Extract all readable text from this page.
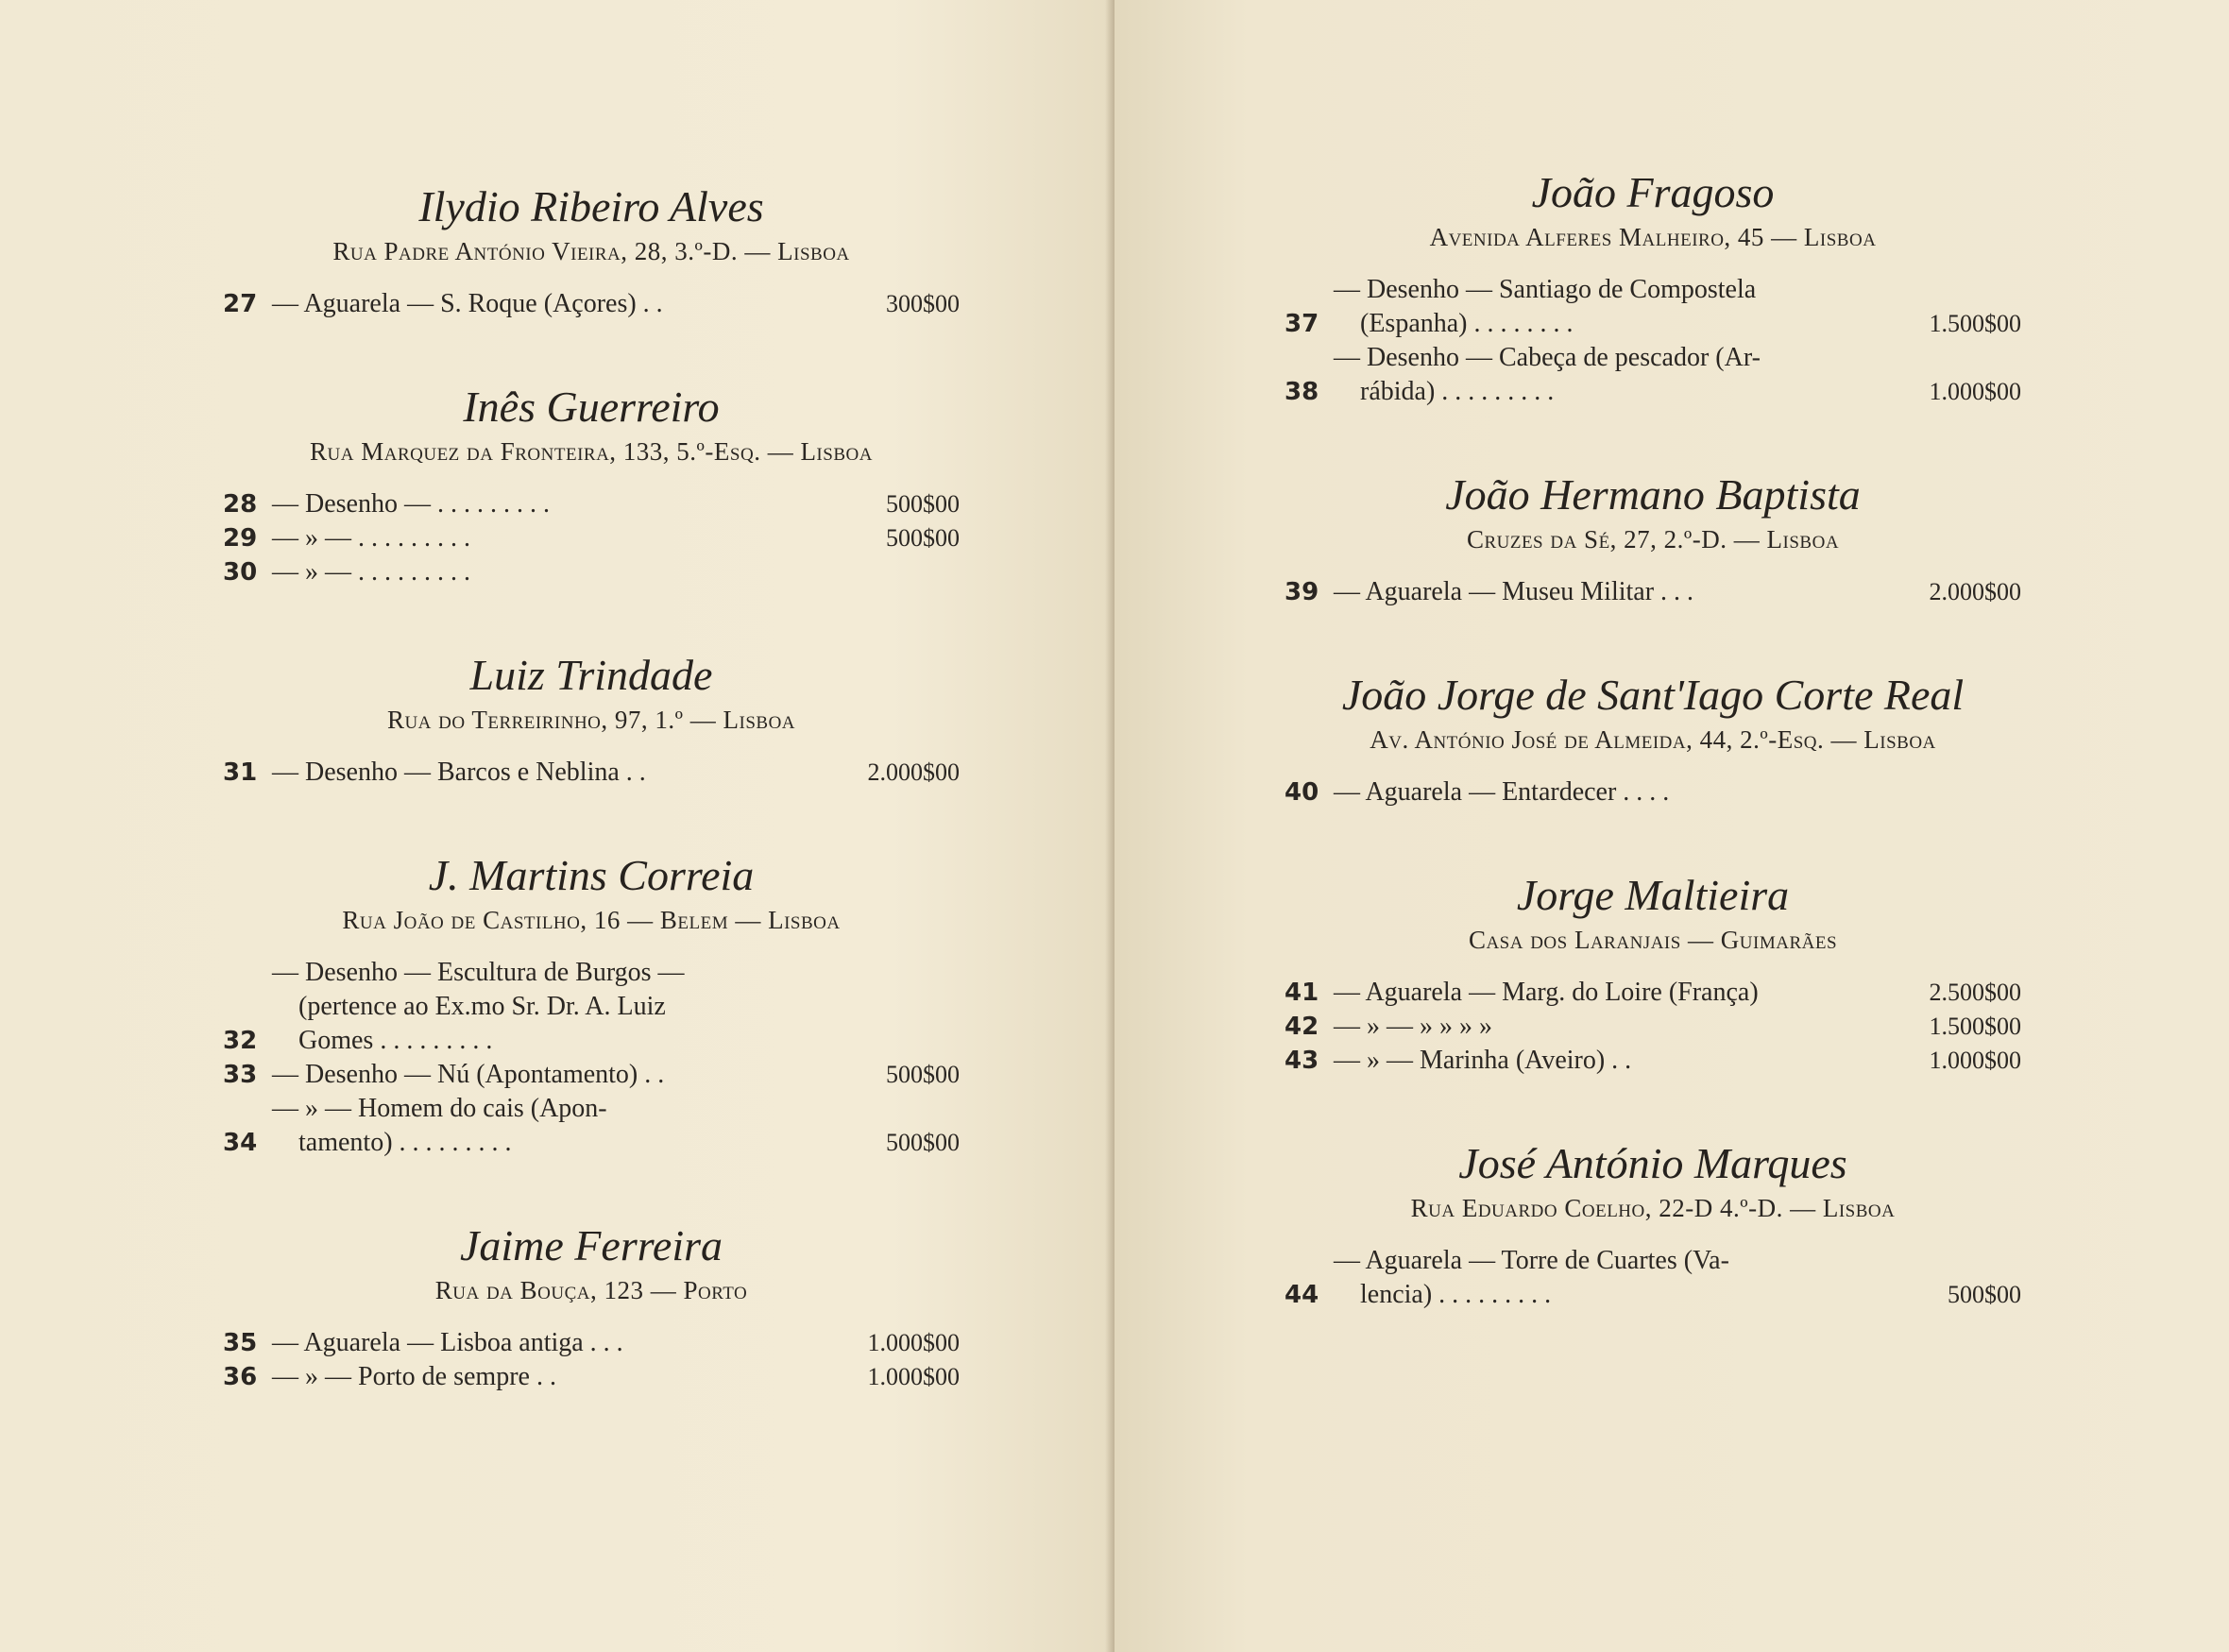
Ilydio Ribeiro Alves
Rua Padre António Vieira, 28, 3.º-D. — Lisboa
27 — Aguarela — S. Roque (Açores) . .	300$00
Inês Guerreiro
Rua Marquez da Fronteira, 133, 5.º-Esq. — Lisboa
28 — Desenho — . . . . . . . . .	500$00
29 — » — . . . . . . . . .	500$00
30 — » — . . . . . . . . .
Luiz Trindade
Rua do Terreirinho, 97, 1.º — Lisboa
31 — Desenho — Barcos e Neblina . .	2.000$00
J. Martins Correia
Rua João de Castilho, 16 — Belem — Lisboa
32
— Desenho — Escultura de Burgos —
(pertence ao Ex.mo Sr. Dr. A. Luiz
Gomes . . . . . . . . .
33 — Desenho — Nú (Apontamento) . .	500$00
34
— » — Homem do cais (Apon-
tamento) . . . . . . . . .	500$00
Jaime Ferreira
Rua da Bouça, 123 — Porto
35 — Aguarela — Lisboa antiga . . .	1.000$00
36 — » — Porto de sempre . .	1.000$00
João Fragoso
Avenida Alferes Malheiro, 45 — Lisboa
37
— Desenho — Santiago de Compostela
(Espanha) . . . . . . . .	1.500$00
38
— Desenho — Cabeça de pescador (Ar-
rábida) . . . . . . . . .	1.000$00
João Hermano Baptista
Cruzes da Sé, 27, 2.º-D. — Lisboa
39 — Aguarela — Museu Militar . . .	2.000$00
João Jorge de Sant'Iago Corte Real
Av. António José de Almeida, 44, 2.º-Esq. — Lisboa
40 — Aguarela — Entardecer . . . .
Jorge Maltieira
Casa dos Laranjais — Guimarães
41 — Aguarela — Marg. do Loire (França)	2.500$00
42 — » — » » » »	1.500$00
43 — » — Marinha (Aveiro) . .	1.000$00
José António Marques
Rua Eduardo Coelho, 22-D 4.º-D. — Lisboa
44
— Aguarela — Torre de Cuartes (Va-
lencia) . . . . . . . . .	500$00
